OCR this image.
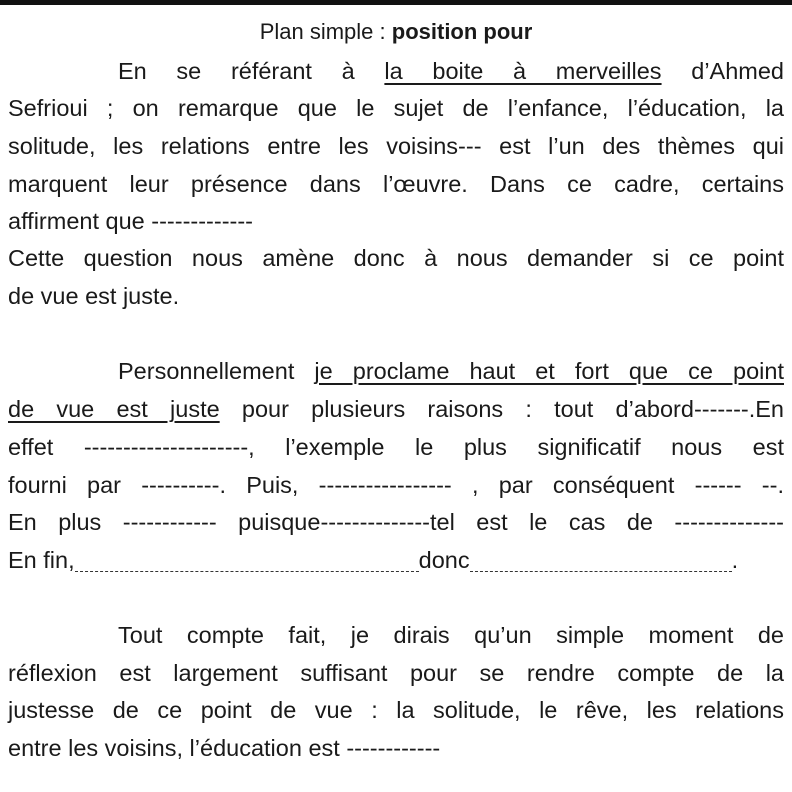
Plan simple : position pour
En se référant à la boite à merveilles d’Ahmed
Sefrioui ; on remarque que le sujet de l’enfance, l’éducation, la
solitude, les relations entre les voisins--- est l’un des thèmes qui
marquent leur présence dans l’œuvre. Dans ce cadre, certains
affirment que -------------
Cette question nous amène donc à nous demander si ce point
de vue est juste.
Personnellement je proclame haut et fort que ce point
de vue est juste pour plusieurs raisons : tout d’abord-------.En
effet ---------------------, l’exemple le plus significatif nous est
fourni par ----------. Puis, ----------------- , par conséquent ------ --.
En plus ------------ puisque--------------tel est le cas de --------------
En fin,	donc	.
Tout compte fait, je dirais qu’un simple moment de
réflexion est largement suffisant pour se rendre compte de la
justesse de ce point de vue : la solitude, le rêve, les relations
entre les voisins, l’éducation est ------------
